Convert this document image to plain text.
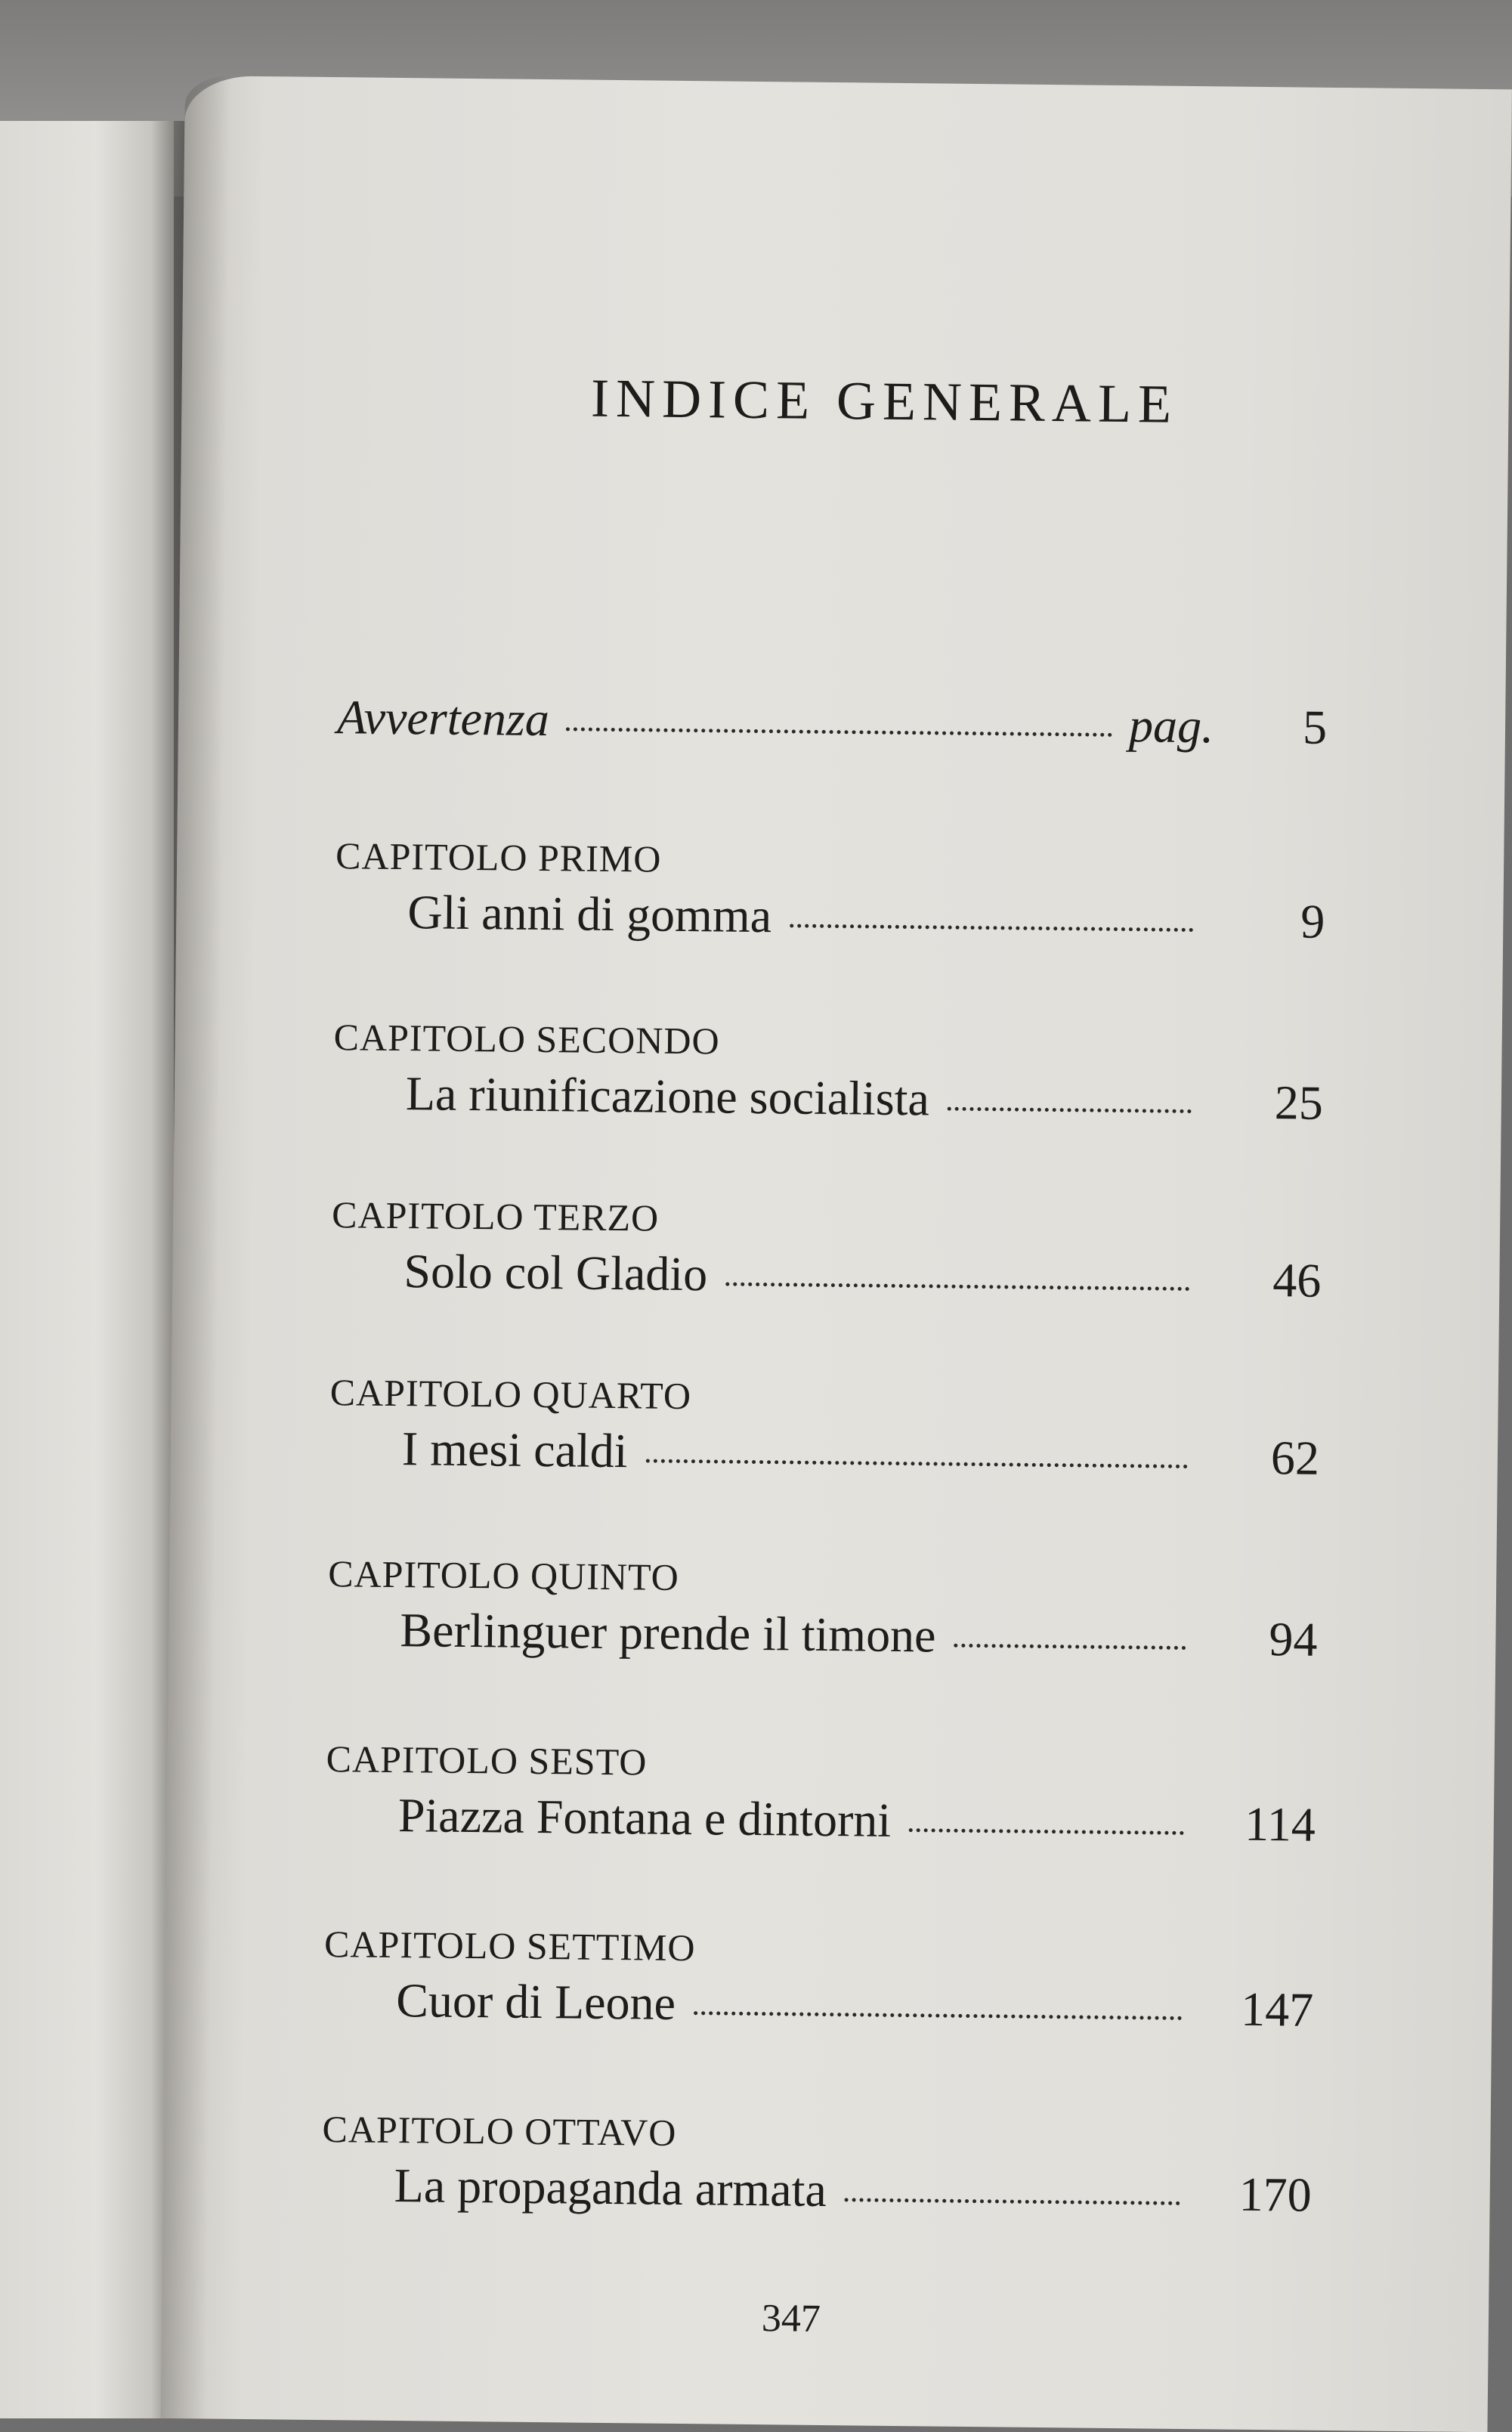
INDICE GENERALE
Avvertenza	pag.	5
CAPITOLO PRIMO
Gli anni di gomma	9
CAPITOLO SECONDO
La riunificazione socialista	25
CAPITOLO TERZO
Solo col Gladio	46
CAPITOLO QUARTO
I mesi caldi	62
CAPITOLO QUINTO
Berlinguer prende il timone	94
CAPITOLO SESTO
Piazza Fontana e dintorni	114
CAPITOLO SETTIMO
Cuor di Leone	147
CAPITOLO OTTAVO
La propaganda armata	170
347
